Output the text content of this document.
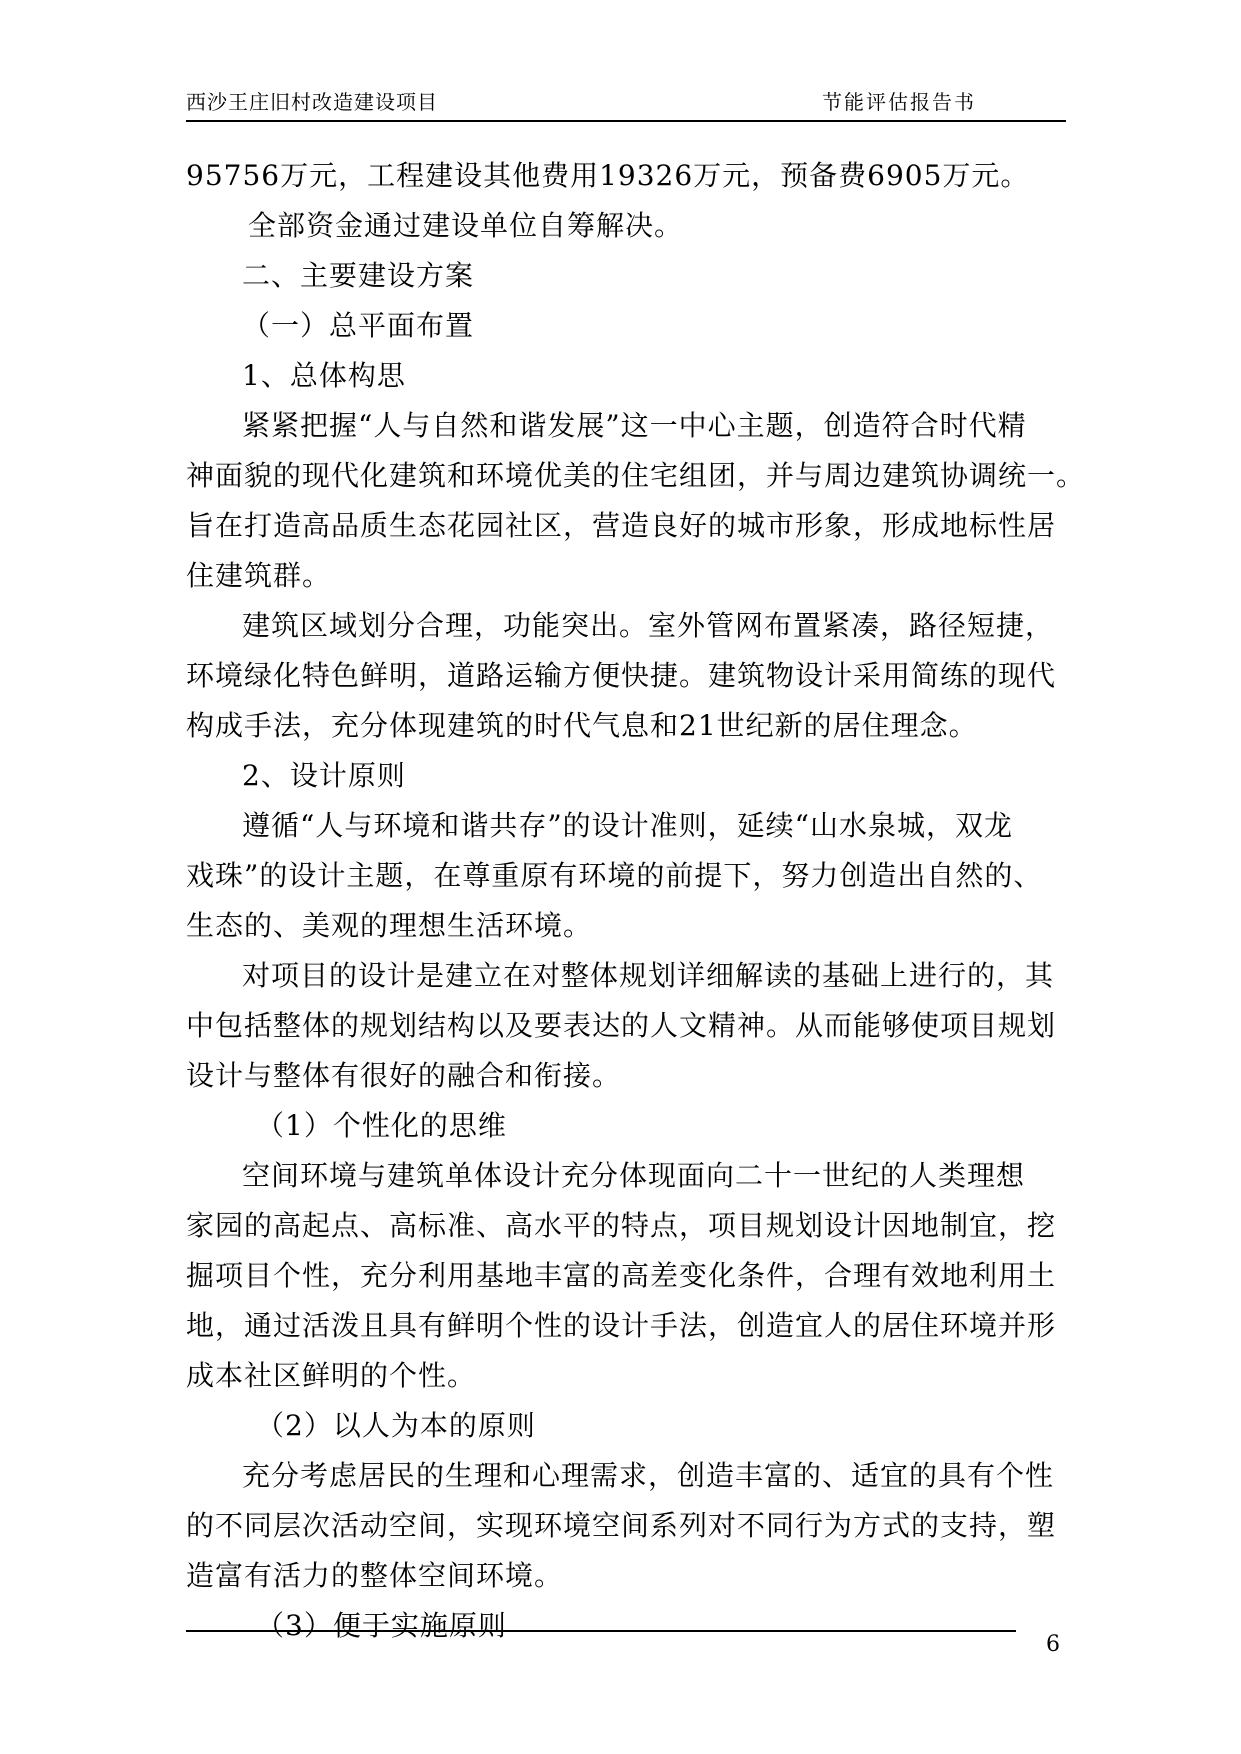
西沙王庄旧村改造建设项目	节能评估报告书
95756万元，工程建设其他费用19326万元，预备费6905万元。
全部资金通过建设单位自筹解决。
二、主要建设方案
（一）总平面布置
1、总体构思
紧紧把握“人与自然和谐发展”这一中心主题，创造符合时代精
神面貌的现代化建筑和环境优美的住宅组团，并与周边建筑协调统一。
旨在打造高品质生态花园社区，营造良好的城市形象，形成地标性居
住建筑群。
建筑区域划分合理，功能突出。室外管网布置紧凑，路径短捷，
环境绿化特色鲜明，道路运输方便快捷。建筑物设计采用简练的现代
构成手法，充分体现建筑的时代气息和21世纪新的居住理念。
2、设计原则
遵循“人与环境和谐共存”的设计准则，延续“山水泉城，双龙
戏珠”的设计主题，在尊重原有环境的前提下，努力创造出自然的、
生态的、美观的理想生活环境。
对项目的设计是建立在对整体规划详细解读的基础上进行的，其
中包括整体的规划结构以及要表达的人文精神。从而能够使项目规划
设计与整体有很好的融合和衔接。
（1）个性化的思维
空间环境与建筑单体设计充分体现面向二十一世纪的人类理想
家园的高起点、高标准、高水平的特点，项目规划设计因地制宜，挖
掘项目个性，充分利用基地丰富的高差变化条件，合理有效地利用土
地，通过活泼且具有鲜明个性的设计手法，创造宜人的居住环境并形
成本社区鲜明的个性。
（2）以人为本的原则
充分考虑居民的生理和心理需求，创造丰富的、适宜的具有个性
的不同层次活动空间，实现环境空间系列对不同行为方式的支持，塑
造富有活力的整体空间环境。
（3）便于实施原则
6
